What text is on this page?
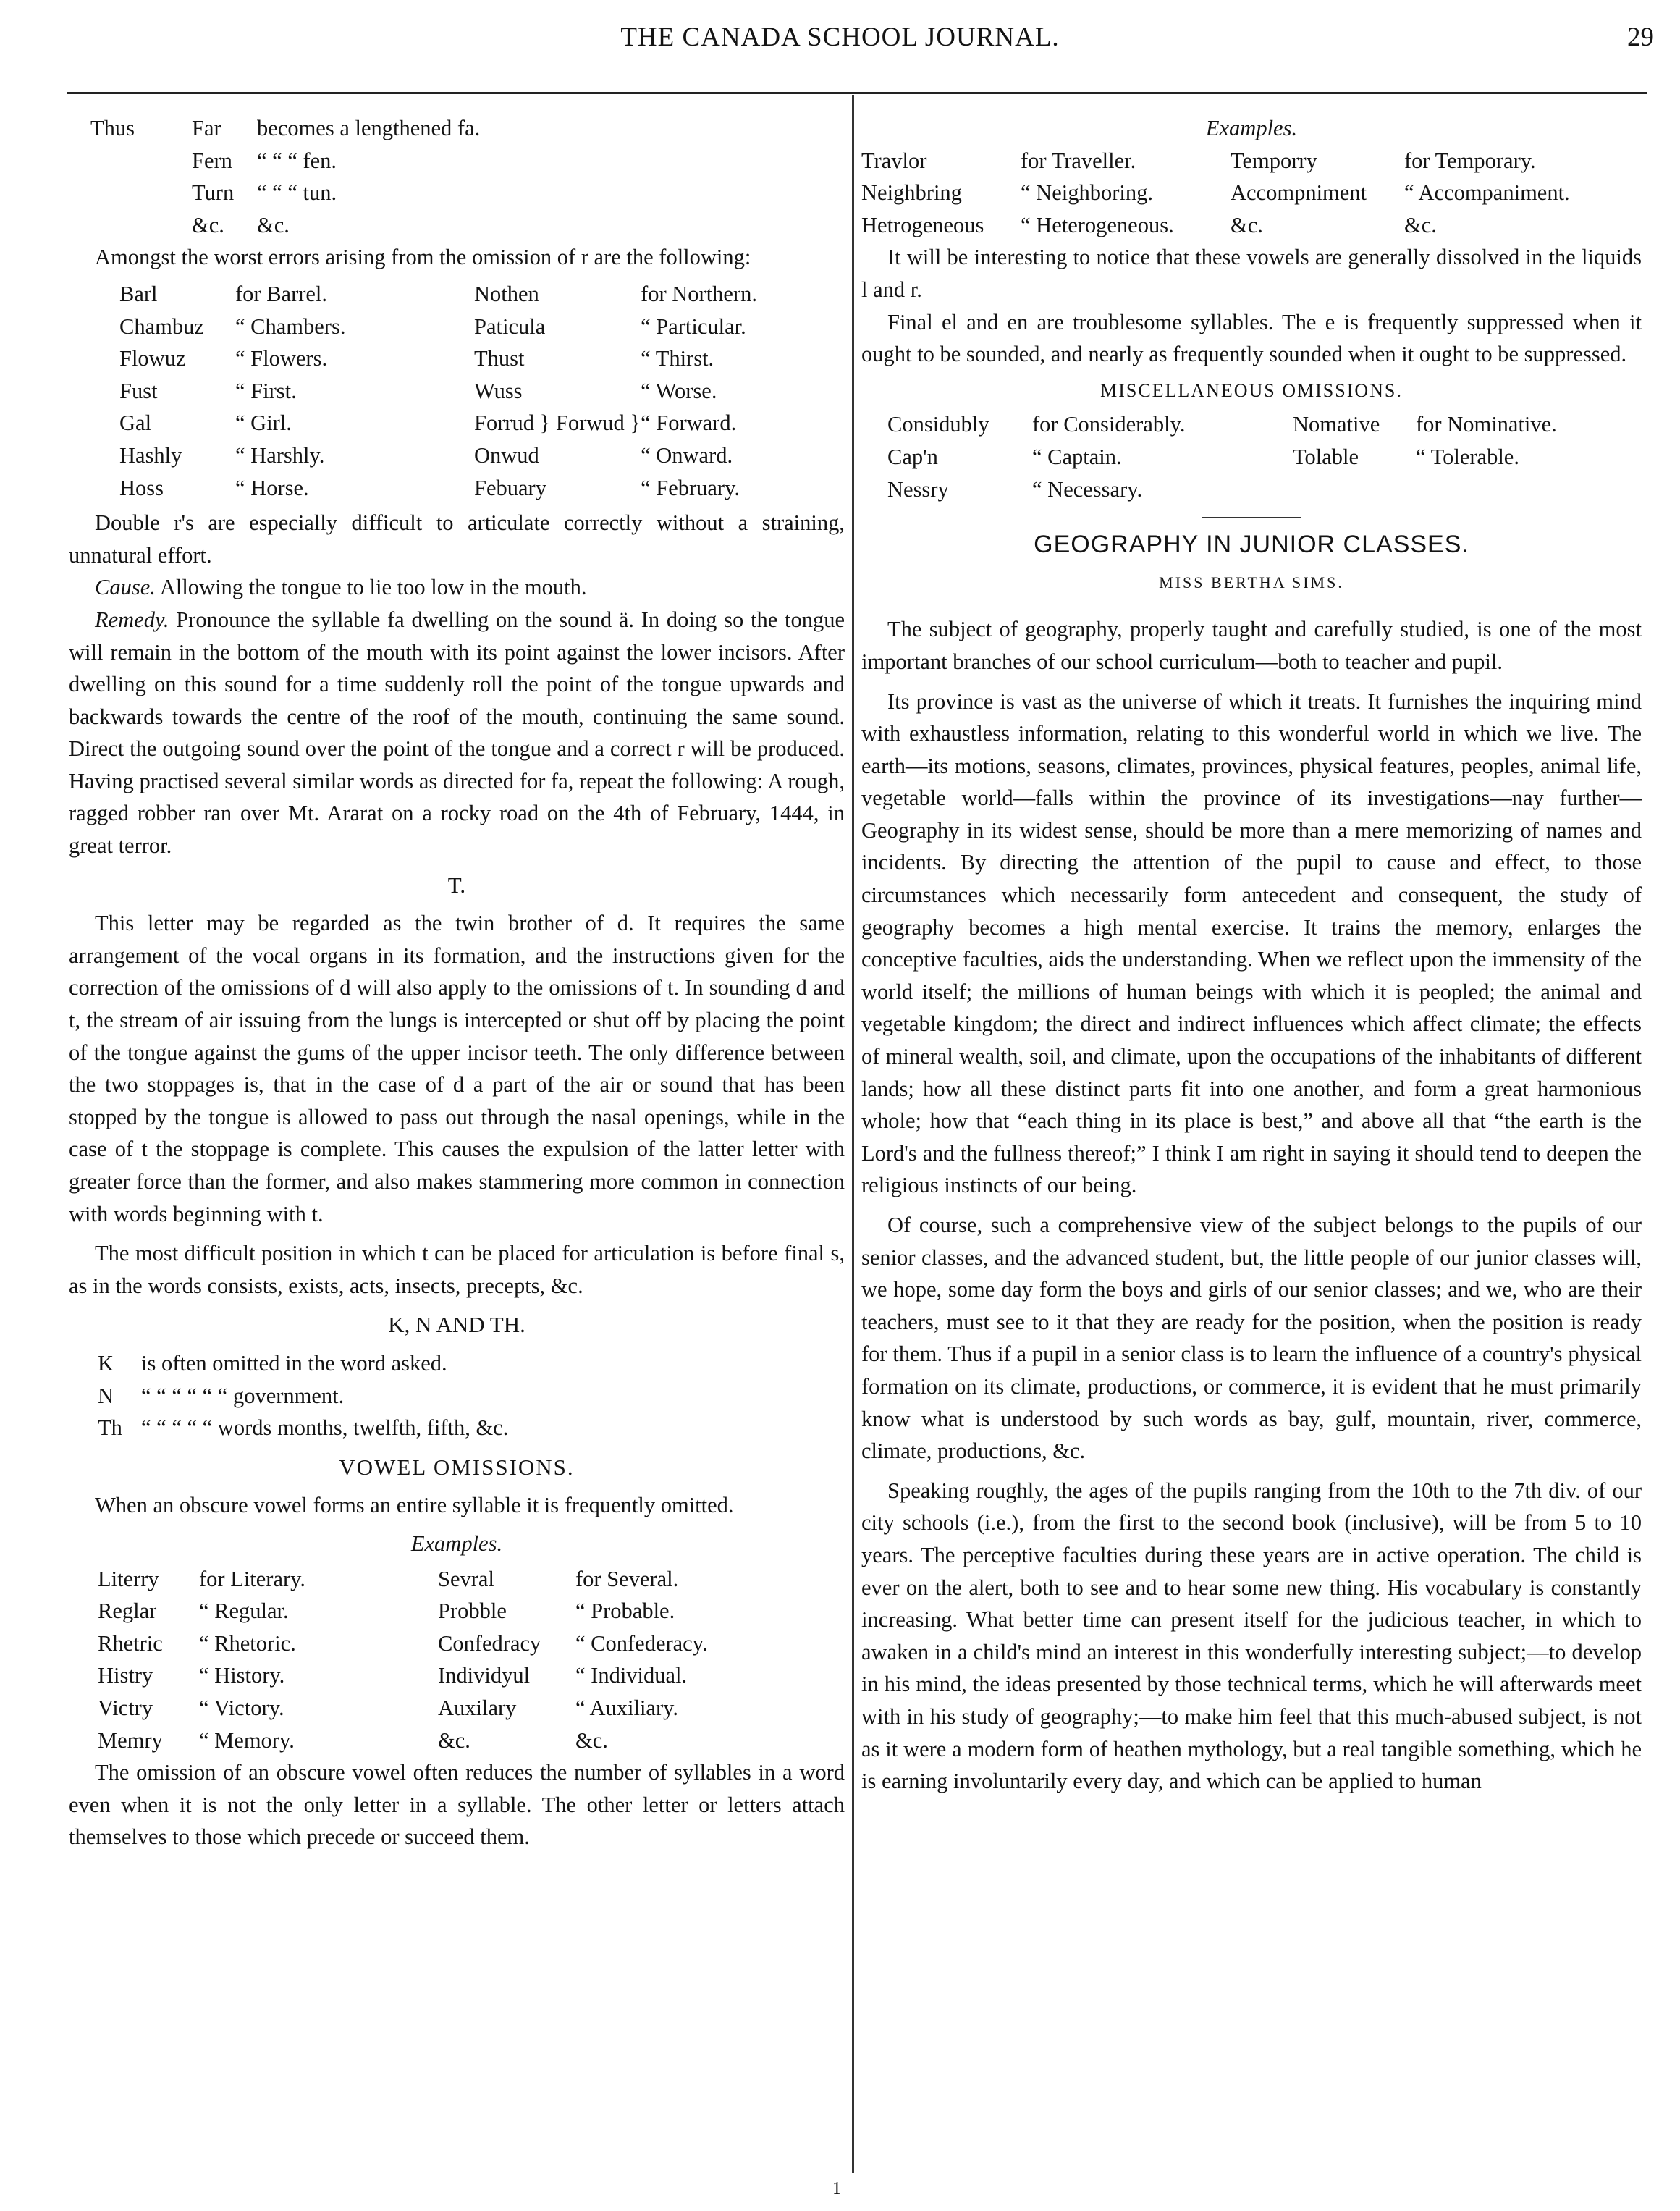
THE CANADA SCHOOL JOURNAL.	29
Thus	Far	becomes a lengthened fa.
	Fern	“ “ “ fen.
	Turn	“ “ “ tun.
	&c.	&c.

Amongst the worst errors arising from the omission of r are the following:

Barl	for Barrel.	Nothen	for Northern.
Chambuz	“ Chambers.	Paticula	“ Particular.
Flowuz	“ Flowers.	Thust	“ Thirst.
Fust	“ First.	Wuss	“ Worse.
Gal	“ Girl.	Forrud } Forwud }	“ Forward.
Hashly	“ Harshly.	Onwud	“ Onward.
Hoss	“ Horse.	Febuary	“ February.

Double r's are especially difficult to articulate correctly without a straining, unnatural effort.

Cause. Allowing the tongue to lie too low in the mouth.

Remedy. Pronounce the syllable fa dwelling on the sound ä. In doing so the tongue will remain in the bottom of the mouth with its point against the lower incisors. After dwelling on this sound for a time suddenly roll the point of the tongue upwards and backwards towards the centre of the roof of the mouth, continuing the same sound. Direct the outgoing sound over the point of the tongue and a correct r will be produced. Having practised several similar words as directed for fa, repeat the following: A rough, ragged robber ran over Mt. Ararat on a rocky road on the 4th of February, 1444, in great terror.

T.

This letter may be regarded as the twin brother of d. It requires the same arrangement of the vocal organs in its formation, and the instructions given for the correction of the omissions of d will also apply to the omissions of t. In sounding d and t, the stream of air issuing from the lungs is intercepted or shut off by placing the point of the tongue against the gums of the upper incisor teeth. The only difference between the two stoppages is, that in the case of d a part of the air or sound that has been stopped by the tongue is allowed to pass out through the nasal openings, while in the case of t the stoppage is complete. This causes the expulsion of the latter letter with greater force than the former, and also makes stammering more common in connection with words beginning with t.

The most difficult position in which t can be placed for articulation is before final s, as in the words consists, exists, acts, insects, precepts, &c.

K, N AND TH.
K	is often omitted in the word asked.
N	“ “ “ “ “ “ government.
Th	“ “ “ “ “ words months, twelfth, fifth, &c.
VOWEL OMISSIONS.

When an obscure vowel forms an entire syllable it is frequently omitted.

Examples.
Literry	for Literary.	Sevral	for Several.
Reglar	“ Regular.	Probble	“ Probable.
Rhetric	“ Rhetoric.	Confedracy	“ Confederacy.
Histry	“ History.	Individyul	“ Individual.
Victry	“ Victory.	Auxilary	“ Auxiliary.
Memry	“ Memory.	&c.	&c.

The omission of an obscure vowel often reduces the number of syllables in a word even when it is not the only letter in a syllable. The other letter or letters attach themselves to those which precede or succeed them.

Examples.
Travlor	for Traveller.	Temporry	for Temporary.
Neighbring	“ Neighboring.	Accompniment	“ Accompaniment.
Hetrogeneous	“ Heterogeneous.	&c.	&c.

It will be interesting to notice that these vowels are generally dissolved in the liquids l and r.

Final el and en are troublesome syllables. The e is frequently suppressed when it ought to be sounded, and nearly as frequently sounded when it ought to be suppressed.

MISCELLANEOUS OMISSIONS.
Considubly	for Considerably.	Nomative	for Nominative.
Cap'n	“ Captain.	Tolable	“ Tolerable.
Nessry	“ Necessary.		
GEOGRAPHY IN JUNIOR CLASSES.
MISS BERTHA SIMS.

The subject of geography, properly taught and carefully studied, is one of the most important branches of our school curriculum—both to teacher and pupil.

Its province is vast as the universe of which it treats. It furnishes the inquiring mind with exhaustless information, relating to this wonderful world in which we live. The earth—its motions, seasons, climates, provinces, physical features, peoples, animal life, vegetable world—falls within the province of its investigations—nay further—Geography in its widest sense, should be more than a mere memorizing of names and incidents. By directing the attention of the pupil to cause and effect, to those circumstances which necessarily form antecedent and consequent, the study of geography becomes a high mental exercise. It trains the memory, enlarges the conceptive faculties, aids the understanding. When we reflect upon the immensity of the world itself; the millions of human beings with which it is peopled; the animal and vegetable kingdom; the direct and indirect influences which affect climate; the effects of mineral wealth, soil, and climate, upon the occupations of the inhabitants of different lands; how all these distinct parts fit into one another, and form a great harmonious whole; how that “each thing in its place is best,” and above all that “the earth is the Lord's and the fullness thereof;” I think I am right in saying it should tend to deepen the religious instincts of our being.

Of course, such a comprehensive view of the subject belongs to the pupils of our senior classes, and the advanced student, but, the little people of our junior classes will, we hope, some day form the boys and girls of our senior classes; and we, who are their teachers, must see to it that they are ready for the position, when the position is ready for them. Thus if a pupil in a senior class is to learn the influence of a country's physical formation on its climate, productions, or commerce, it is evident that he must primarily know what is understood by such words as bay, gulf, mountain, river, commerce, climate, productions, &c.

Speaking roughly, the ages of the pupils ranging from the 10th to the 7th div. of our city schools (i.e.), from the first to the second book (inclusive), will be from 5 to 10 years. The perceptive faculties during these years are in active operation. The child is ever on the alert, both to see and to hear some new thing. His vocabulary is constantly increasing. What better time can present itself for the judicious teacher, in which to awaken in a child's mind an interest in this wonderfully interesting subject;—to develop in his mind, the ideas presented by those technical terms, which he will afterwards meet with in his study of geography;—to make him feel that this much-abused subject, is not as it were a modern form of heathen mythology, but a real tangible something, which he is earning involuntarily every day, and which can be applied to human

1
